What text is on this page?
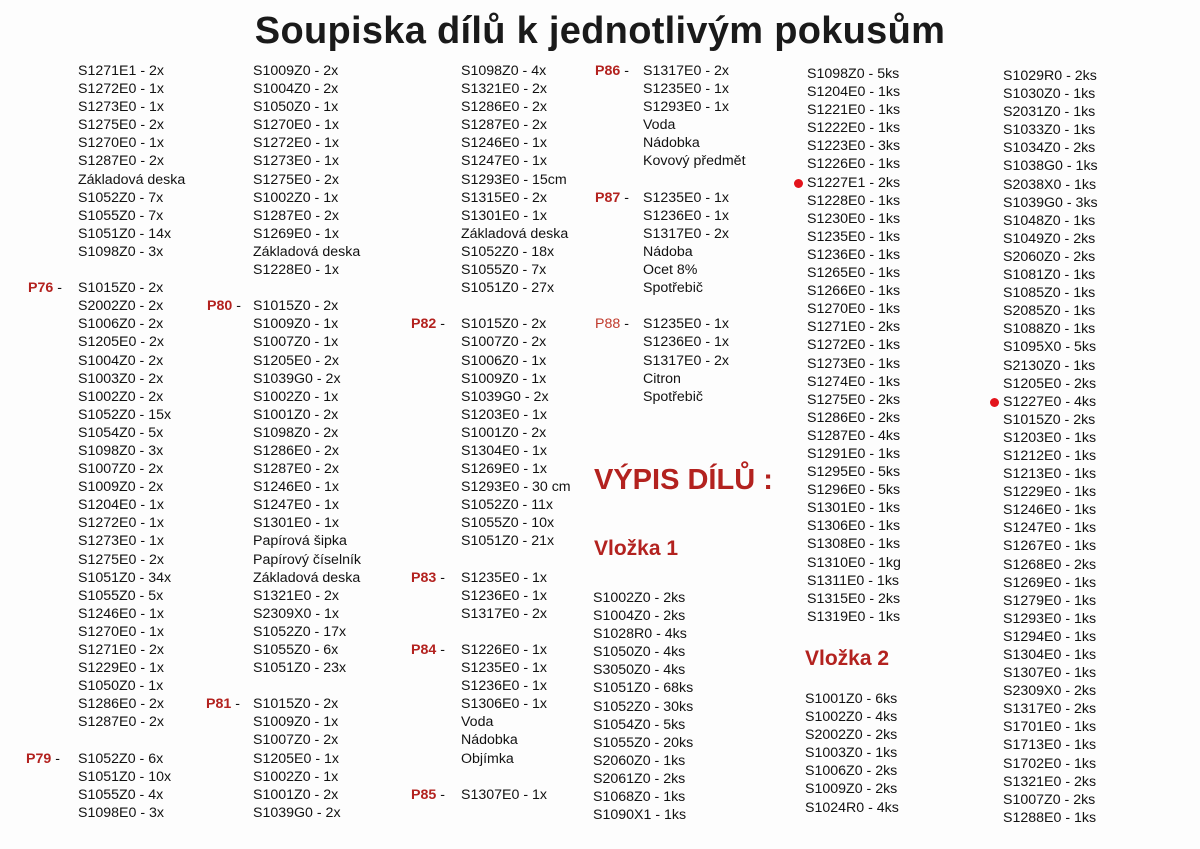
Soupiska dílů k jednotlivým pokusům
S1271E1 - 2x
S1272E0 - 1x
S1273E0 - 1x
S1275E0 - 2x
S1270E0 - 1x
S1287E0 - 2x
Základová deska
S1052Z0 - 7x
S1055Z0 - 7x
S1051Z0 - 14x
S1098Z0 - 3x
S1015Z0 - 2x
P76 -
S2002Z0 - 2x
S1006Z0 - 2x
S1205E0 - 2x
S1004Z0 - 2x
S1003Z0 - 2x
S1002Z0 - 2x
S1052Z0 - 15x
S1054Z0 - 5x
S1098Z0 - 3x
S1007Z0 - 2x
S1009Z0 - 2x
S1204E0 - 1x
S1272E0 - 1x
S1273E0 - 1x
S1275E0 - 2x
S1051Z0 - 34x
S1055Z0 - 5x
S1246E0 - 1x
S1270E0 - 1x
S1271E0 - 2x
S1229E0 - 1x
S1050Z0 - 1x
S1286E0 - 2x
S1287E0 - 2x
S1052Z0 - 6x
P79 -
S1051Z0 - 10x
S1055Z0 - 4x
S1098E0 - 3x
S1009Z0 - 2x
S1004Z0 - 2x
S1050Z0 - 1x
S1270E0 - 1x
S1272E0 - 1x
S1273E0 - 1x
S1275E0 - 2x
S1002Z0 - 1x
S1287E0 - 2x
S1269E0 - 1x
Základová deska
S1228E0 - 1x
S1015Z0 - 2x
P80 -
S1009Z0 - 1x
S1007Z0 - 1x
S1205E0 - 2x
S1039G0 - 2x
S1002Z0 - 1x
S1001Z0 - 2x
S1098Z0 - 2x
S1286E0 - 2x
S1287E0 - 2x
S1246E0 - 1x
S1247E0 - 1x
S1301E0 - 1x
Papírová šipka
Papírový číselník
Základová deska
S1321E0 - 2x
S2309X0 - 1x
S1052Z0 - 17x
S1055Z0 - 6x
S1051Z0 - 23x
S1015Z0 - 2x
P81 -
S1009Z0 - 1x
S1007Z0 - 2x
S1205E0 - 1x
S1002Z0 - 1x
S1001Z0 - 2x
S1039G0 - 2x
S1098Z0 - 4x
S1321E0 - 2x
S1286E0 - 2x
S1287E0 - 2x
S1246E0 - 1x
S1247E0 - 1x
S1293E0 - 15cm
S1315E0 - 2x
S1301E0 - 1x
Základová deska
S1052Z0 - 18x
S1055Z0 - 7x
S1051Z0 - 27x
S1015Z0 - 2x
P82 -
S1007Z0 - 2x
S1006Z0 - 1x
S1009Z0 - 1x
S1039G0 - 2x
S1203E0 - 1x
S1001Z0 - 2x
S1304E0 - 1x
S1269E0 - 1x
S1293E0 - 30 cm
S1052Z0 - 11x
S1055Z0 - 10x
S1051Z0 - 21x
S1235E0 - 1x
P83 -
S1236E0 - 1x
S1317E0 - 2x
S1226E0 - 1x
P84 -
S1235E0 - 1x
S1236E0 - 1x
S1306E0 - 1x
Voda
Nádobka
Objímka
S1307E0 - 1x
P85 -
S1317E0 - 2x
P86 -
S1235E0 - 1x
S1293E0 - 1x
Voda
Nádobka
Kovový předmět
S1235E0 - 1x
P87 -
S1236E0 - 1x
S1317E0 - 2x
Nádoba
Ocet 8%
Spotřebič
S1235E0 - 1x
P88 -
S1236E0 - 1x
S1317E0 - 2x
Citron
Spotřebič
VÝPIS DÍLŮ :
Vložka 1
S1002Z0 - 2ks
S1004Z0 - 2ks
S1028R0 - 4ks
S1050Z0 - 4ks
S3050Z0 - 4ks
S1051Z0 - 68ks
S1052Z0 - 30ks
S1054Z0 - 5ks
S1055Z0 - 20ks
S2060Z0 - 1ks
S2061Z0 - 2ks
S1068Z0 - 1ks
S1090X1 - 1ks
S1098Z0 - 5ks
S1204E0 - 1ks
S1221E0 - 1ks
S1222E0 - 1ks
S1223E0 - 3ks
S1226E0 - 1ks
S1227E1 - 2ks
S1228E0 - 1ks
S1230E0 - 1ks
S1235E0 - 1ks
S1236E0 - 1ks
S1265E0 - 1ks
S1266E0 - 1ks
S1270E0 - 1ks
S1271E0 - 2ks
S1272E0 - 1ks
S1273E0 - 1ks
S1274E0 - 1ks
S1275E0 - 2ks
S1286E0 - 2ks
S1287E0 - 4ks
S1291E0 - 1ks
S1295E0 - 5ks
S1296E0 - 5ks
S1301E0 - 1ks
S1306E0 - 1ks
S1308E0 - 1ks
S1310E0 - 1kg
S1311E0 - 1ks
S1315E0 - 2ks
S1319E0 - 1ks
Vložka 2
S1001Z0 - 6ks
S1002Z0 - 4ks
S2002Z0 - 2ks
S1003Z0 - 1ks
S1006Z0 - 2ks
S1009Z0 - 2ks
S1024R0 - 4ks
S1029R0 - 2ks
S1030Z0 - 1ks
S2031Z0 - 1ks
S1033Z0 - 1ks
S1034Z0 - 2ks
S1038G0 - 1ks
S2038X0 - 1ks
S1039G0 - 3ks
S1048Z0 - 1ks
S1049Z0 - 2ks
S2060Z0 - 2ks
S1081Z0 - 1ks
S1085Z0 - 1ks
S2085Z0 - 1ks
S1088Z0 - 1ks
S1095X0 - 5ks
S2130Z0 - 1ks
S1205E0 - 2ks
S1227E0 - 4ks
S1015Z0 - 2ks
S1203E0 - 1ks
S1212E0 - 1ks
S1213E0 - 1ks
S1229E0 - 1ks
S1246E0 - 1ks
S1247E0 - 1ks
S1267E0 - 1ks
S1268E0 - 2ks
S1269E0 - 1ks
S1279E0 - 1ks
S1293E0 - 1ks
S1294E0 - 1ks
S1304E0 - 1ks
S1307E0 - 1ks
S2309X0 - 2ks
S1317E0 - 2ks
S1701E0 - 1ks
S1713E0 - 1ks
S1702E0 - 1ks
S1321E0 - 2ks
S1007Z0 - 2ks
S1288E0 - 1ks
